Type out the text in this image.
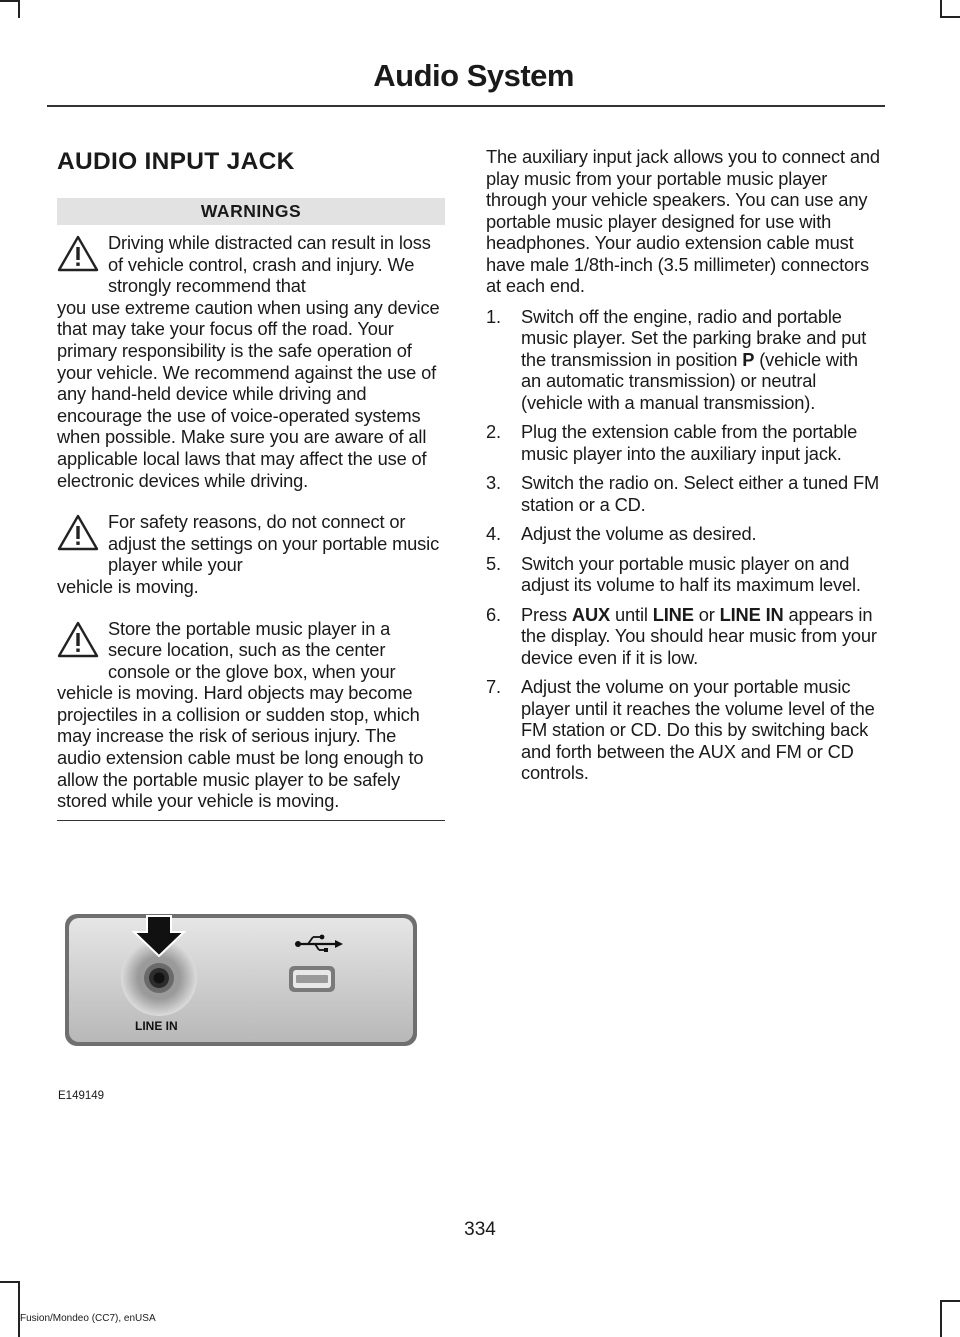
Audio System
AUDIO INPUT JACK
WARNINGS
Driving while distracted can result in loss of vehicle control, crash and injury. We strongly recommend that
you use extreme caution when using any device that may take your focus off the road. Your primary responsibility is the safe operation of your vehicle. We recommend against the use of any hand-held device while driving and encourage the use of voice-operated systems when possible. Make sure you are aware of all applicable local laws that may affect the use of electronic devices while driving.
For safety reasons, do not connect or adjust the settings on your portable music player while your
vehicle is moving.
Store the portable music player in a secure location, such as the center console or the glove box, when your
vehicle is moving. Hard objects may become projectiles in a collision or sudden stop, which may increase the risk of serious injury. The audio extension cable must be long enough to allow the portable music player to be safely stored while your vehicle is moving.

The auxiliary input jack allows you to connect and play music from your portable music player through your vehicle speakers. You can use any portable music player designed for use with headphones. Your audio extension cable must have male 1/8th-inch (3.5 millimeter) connectors at each end.

1. Switch off the engine, radio and portable music player. Set the parking brake and put the transmission in position P (vehicle with an automatic transmission) or neutral (vehicle with a manual transmission).
2. Plug the extension cable from the portable music player into the auxiliary input jack.
3. Switch the radio on. Select either a tuned FM station or a CD.
4. Adjust the volume as desired.
5. Switch your portable music player on and adjust its volume to half its maximum level.
6. Press AUX until LINE or LINE IN appears in the display. You should hear music from your device even if it is low.
7. Adjust the volume on your portable music player until it reaches the volume level of the FM station or CD. Do this by switching back and forth between the AUX and FM or CD controls.
LINE IN
E149149
334
Fusion/Mondeo (CC7), enUSA
